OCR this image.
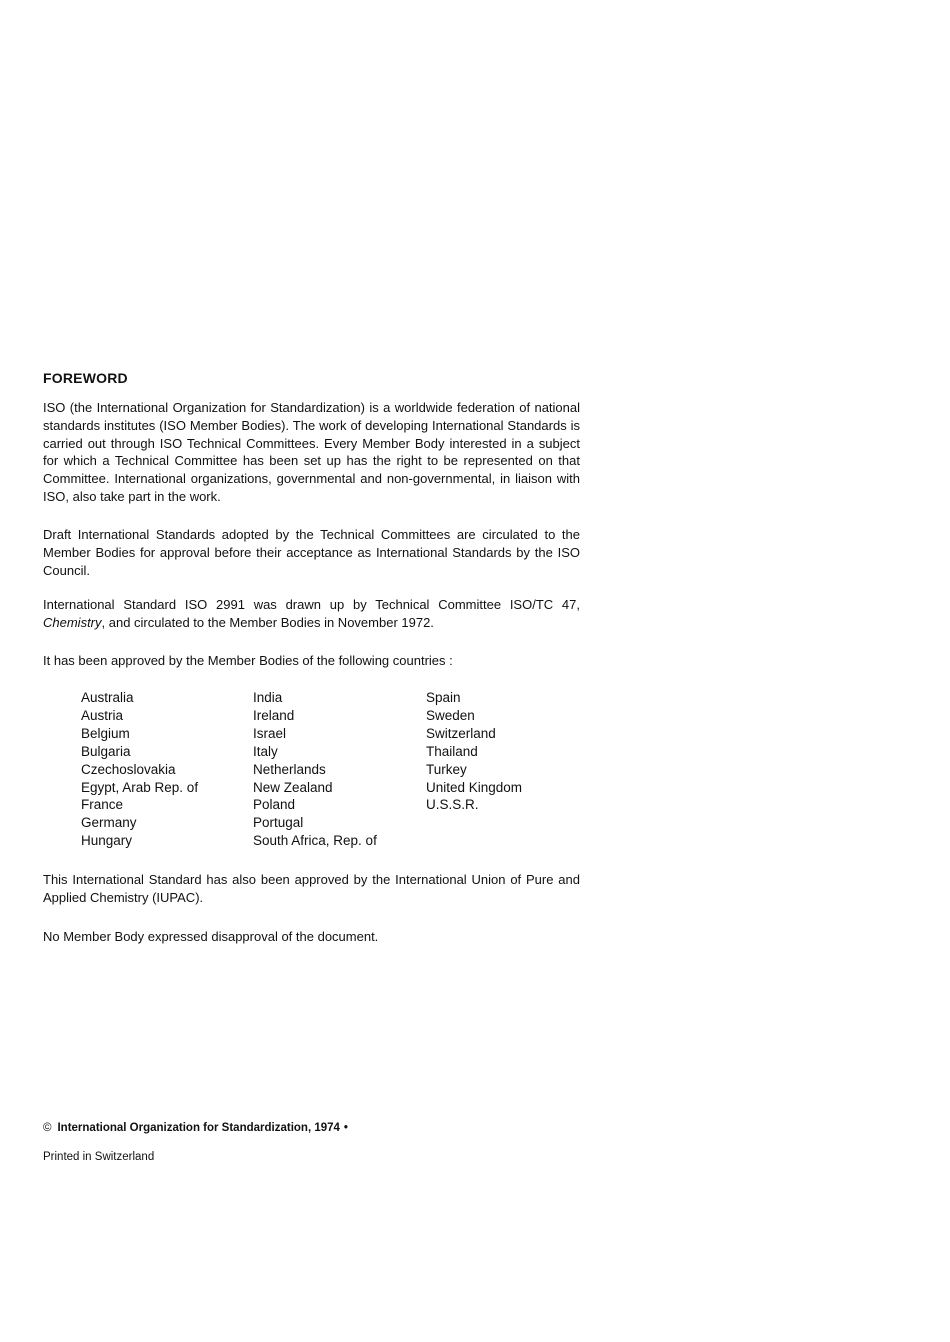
FOREWORD

ISO (the International Organization for Standardization) is a worldwide federation of national standards institutes (ISO Member Bodies). The work of developing International Standards is carried out through ISO Technical Committees. Every Member Body interested in a subject for which a Technical Committee has been set up has the right to be represented on that Committee. International organizations, governmental and non-governmental, in liaison with ISO, also take part in the work.

Draft International Standards adopted by the Technical Committees are circulated to the Member Bodies for approval before their acceptance as International Standards by the ISO Council.

International Standard ISO 2991 was drawn up by Technical Committee ISO/TC 47, Chemistry, and circulated to the Member Bodies in November 1972.

It has been approved by the Member Bodies of the following countries :

Australia
Austria
Belgium
Bulgaria
Czechoslovakia
Egypt, Arab Rep. of
France
Germany
Hungary
India
Ireland
Israel
Italy
Netherlands
New Zealand
Poland
Portugal
South Africa, Rep. of
Spain
Sweden
Switzerland
Thailand
Turkey
United Kingdom
U.S.S.R.

This International Standard has also been approved by the International Union of Pure and Applied Chemistry (IUPAC).

No Member Body expressed disapproval of the document.

© International Organization for Standardization, 1974 •

Printed in Switzerland
